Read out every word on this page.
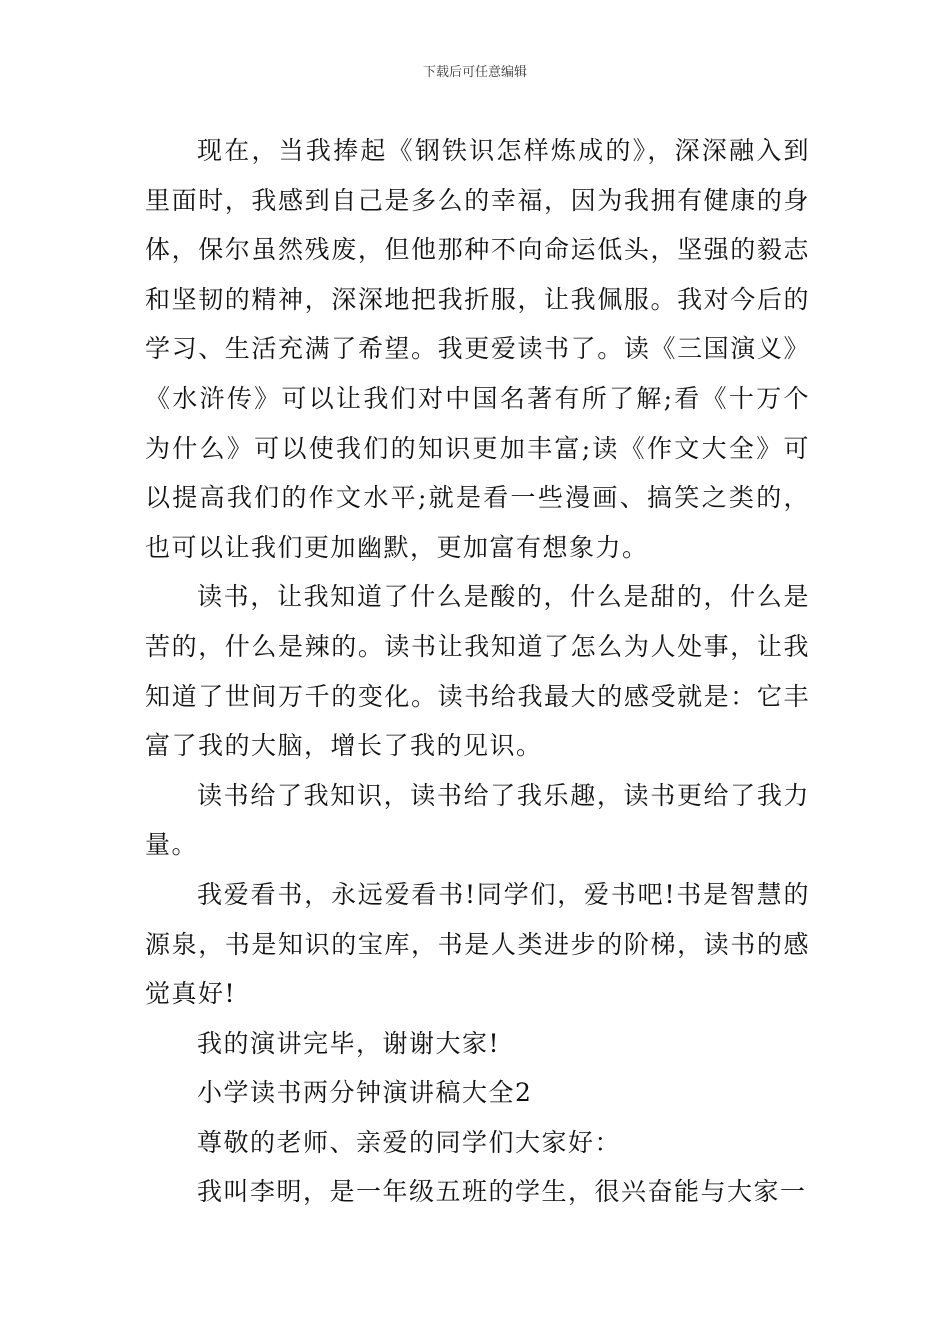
下载后可任意编辑

现在，当我捧起《钢铁识怎样炼成的》，深深融入到里面时，我感到自己是多么的幸福，因为我拥有健康的身体，保尔虽然残废，但他那种不向命运低头，坚强的毅志和坚韧的精神，深深地把我折服，让我佩服。我对今后的学习、生活充满了希望。我更爱读书了。读《三国演义》《水浒传》可以让我们对中国名著有所了解;看《十万个为什么》可以使我们的知识更加丰富;读《作文大全》可以提高我们的作文水平;就是看一些漫画、搞笑之类的，也可以让我们更加幽默，更加富有想象力。

读书，让我知道了什么是酸的，什么是甜的，什么是苦的，什么是辣的。读书让我知道了怎么为人处事，让我知道了世间万千的变化。读书给我最大的感受就是：它丰富了我的大脑，增长了我的见识。

读书给了我知识，读书给了我乐趣，读书更给了我力量。

我爱看书，永远爱看书!同学们，爱书吧!书是智慧的源泉，书是知识的宝库，书是人类进步的阶梯，读书的感觉真好!

我的演讲完毕，谢谢大家!

小学读书两分钟演讲稿大全2

尊敬的老师、亲爱的同学们大家好：

我叫李明，是一年级五班的学生，很兴奋能与大家一
